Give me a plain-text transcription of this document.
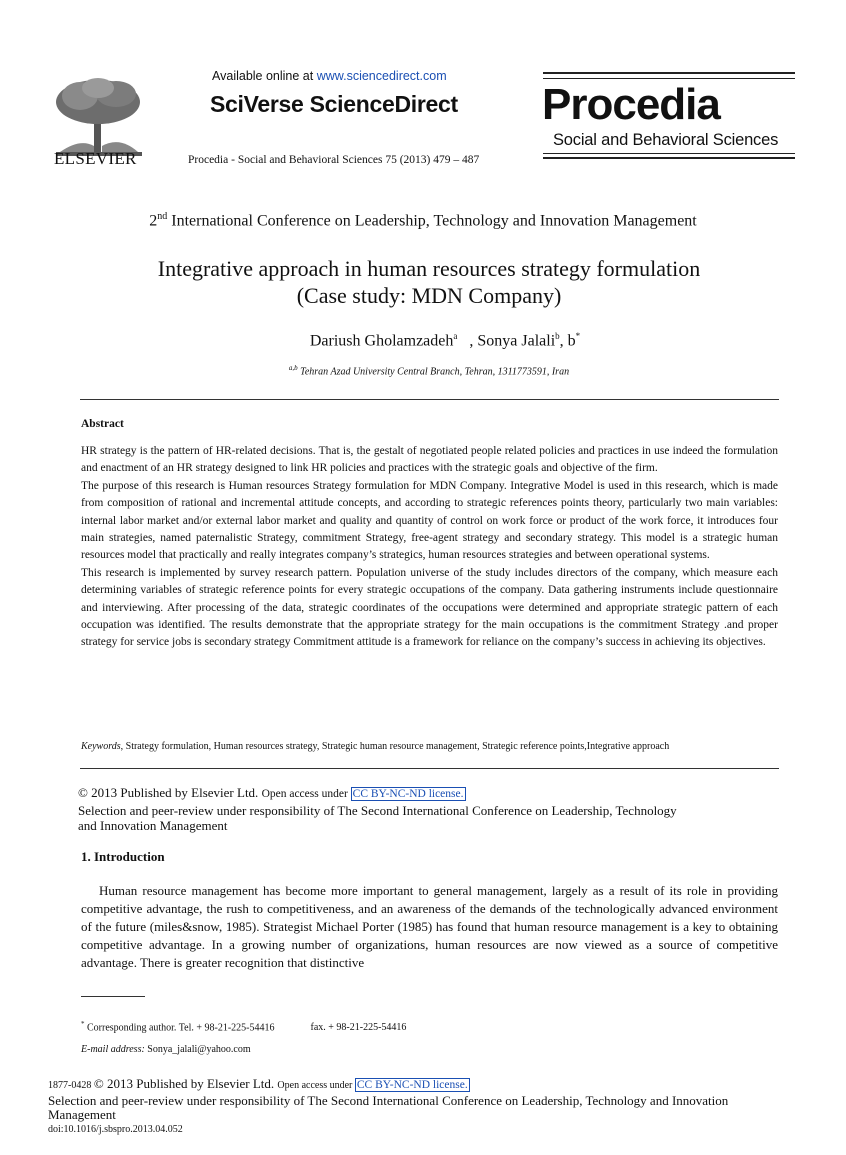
ELSEVIER
Available online at www.sciencedirect.com
SciVerse ScienceDirect
Procedia - Social and Behavioral Sciences 75 (2013) 479 – 487
Procedia
Social and Behavioral Sciences
2nd International Conference on Leadership, Technology and Innovation Management
Integrative approach in human resources strategy formulation
(Case study: MDN Company)
Dariush Gholamzadeh$^a$   , Sonya Jalali$^b$, b*
$^{a,b}$ Tehran Azad University Central Branch, Tehran, 1311773591, Iran
Abstract

HR strategy is the pattern of HR-related decisions. That is, the gestalt of negotiated people related policies and practices in use indeed the formulation and enactment of an HR strategy designed to link HR policies and practices with the strategic goals and objective of the firm.

The purpose of this research is Human resources Strategy formulation for MDN Company. Integrative Model is used in this research, which is made from composition of rational and incremental attitude concepts, and according to strategic references points theory, particularly two main variables: internal labor market and/or external labor market and quality and quantity of control on work force or product of the work force, it introduces four main strategies, named paternalistic Strategy, commitment Strategy, free-agent strategy and secondary strategy. This model is a strategic human resources model that practically and really integrates company’s strategics, human resources strategies and between operational systems.

This research is implemented by survey research pattern. Population universe of the study includes directors of the company, which measure each determining variables of strategic reference points for every strategic occupations of the company. Data gathering instruments include questionnaire and interviewing. After processing of the data, strategic coordinates of the occupations were determined and appropriate strategic pattern of each occupation was identified. The results demonstrate that the appropriate strategy for the main occupations is the commitment Strategy .and proper strategy for service jobs is secondary strategy Commitment attitude is a framework for reliance on the company’s success in achieving its objectives.

Keywords, Strategy formulation, Human resources strategy, Strategic human resource management, Strategic reference points,Integrative approach
© 2013 Published by Elsevier Ltd. Open access under CC BY-NC-ND license.
Selection and peer-review under responsibility of The Second International Conference on Leadership, Technology
and Innovation Management
1. Introduction
Human resource management has become more important to general management, largely as a result of its role in providing competitive advantage, the rush to competitiveness, and an awareness of the demands of the technologically advanced environment of the future (miles&snow, 1985). Strategist Michael Porter (1985) has found that human resource management is a key to obtaining competitive advantage. In a growing number of organizations, human resources are now viewed as a source of competitive advantage. There is greater recognition that distinctive
* Corresponding author. Tel. + 98-21-225-54416	fax. + 98-21-225-54416
E-mail address: Sonya_jalali@yahoo.com
1877-0428 © 2013 Published by Elsevier Ltd. Open access under CC BY-NC-ND license.
Selection and peer-review under responsibility of The Second International Conference on Leadership, Technology and Innovation Management
doi:10.1016/j.sbspro.2013.04.052
